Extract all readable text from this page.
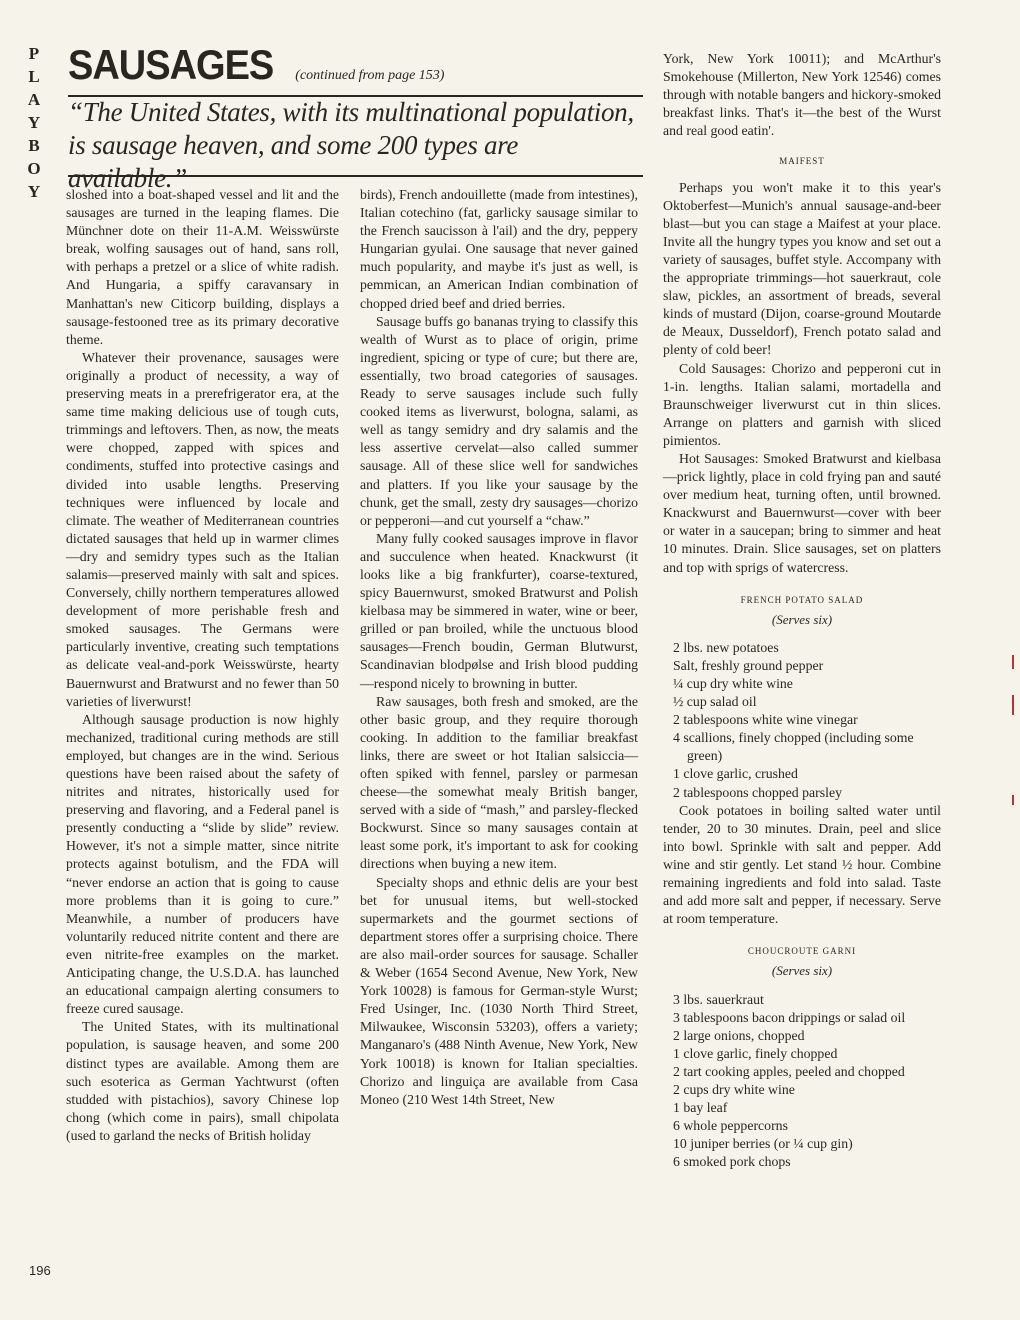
P
L
A
Y
B
O
Y
SAUSAGES (continued from page 153)
“The United States, with its multinational population, is sausage heaven, and some 200 types are available.”

sloshed into a boat-shaped vessel and lit and the sausages are turned in the leaping flames. Die Münchner dote on their 11-A.M. Weisswürste break, wolfing sausages out of hand, sans roll, with perhaps a pretzel or a slice of white radish. And Hungaria, a spiffy caravansary in Manhattan's new Citicorp building, displays a sausage-festooned tree as its primary decorative theme.

Whatever their provenance, sausages were originally a product of necessity, a way of preserving meats in a prerefrigerator era, at the same time making delicious use of tough cuts, trimmings and leftovers. Then, as now, the meats were chopped, zapped with spices and condiments, stuffed into protective casings and divided into usable lengths. Preserving techniques were influenced by locale and climate. The weather of Mediterranean countries dictated sausages that held up in warmer climes—dry and semidry types such as the Italian salamis—preserved mainly with salt and spices. Conversely, chilly northern temperatures allowed development of more perishable fresh and smoked sausages. The Germans were particularly inventive, creating such temptations as delicate veal-and-pork Weisswürste, hearty Bauernwurst and Bratwurst and no fewer than 50 varieties of liverwurst!

Although sausage production is now highly mechanized, traditional curing methods are still employed, but changes are in the wind. Serious questions have been raised about the safety of nitrites and nitrates, historically used for preserving and flavoring, and a Federal panel is presently conducting a “slide by slide” review. However, it's not a simple matter, since nitrite protects against botulism, and the FDA will “never endorse an action that is going to cause more problems than it is going to cure.” Meanwhile, a number of producers have voluntarily reduced nitrite content and there are even nitrite-free examples on the market. Anticipating change, the U.S.D.A. has launched an educational campaign alerting consumers to freeze cured sausage.

The United States, with its multinational population, is sausage heaven, and some 200 distinct types are available. Among them are such esoterica as German Yachtwurst (often studded with pistachios), savory Chinese lop chong (which come in pairs), small chipolata (used to garland the necks of British holiday

birds), French andouillette (made from intestines), Italian cotechino (fat, garlicky sausage similar to the French saucisson à l'ail) and the dry, peppery Hungarian gyulai. One sausage that never gained much popularity, and maybe it's just as well, is pemmican, an American Indian combination of chopped dried beef and dried berries.

Sausage buffs go bananas trying to classify this wealth of Wurst as to place of origin, prime ingredient, spicing or type of cure; but there are, essentially, two broad categories of sausages. Ready to serve sausages include such fully cooked items as liverwurst, bologna, salami, as well as tangy semidry and dry salamis and the less assertive cervelat—also called summer sausage. All of these slice well for sandwiches and platters. If you like your sausage by the chunk, get the small, zesty dry sausages—chorizo or pepperoni—and cut yourself a “chaw.”

Many fully cooked sausages improve in flavor and succulence when heated. Knackwurst (it looks like a big frankfurter), coarse-textured, spicy Bauernwurst, smoked Bratwurst and Polish kielbasa may be simmered in water, wine or beer, grilled or pan broiled, while the unctuous blood sausages—French boudin, German Blutwurst, Scandinavian blodpølse and Irish blood pudding—respond nicely to browning in butter.

Raw sausages, both fresh and smoked, are the other basic group, and they require thorough cooking. In addition to the familiar breakfast links, there are sweet or hot Italian salsiccia—often spiked with fennel, parsley or parmesan cheese—the somewhat mealy British banger, served with a side of “mash,” and parsley-flecked Bockwurst. Since so many sausages contain at least some pork, it's important to ask for cooking directions when buying a new item.

Specialty shops and ethnic delis are your best bet for unusual items, but well-stocked supermarkets and the gourmet sections of department stores offer a surprising choice. There are also mail-order sources for sausage. Schaller & Weber (1654 Second Avenue, New York, New York 10028) is famous for German-style Wurst; Fred Usinger, Inc. (1030 North Third Street, Milwaukee, Wisconsin 53203), offers a variety; Manganaro's (488 Ninth Avenue, New York, New York 10018) is known for Italian specialties. Chorizo and linguiça are available from Casa Moneo (210 West 14th Street, New

York, New York 10011); and McArthur's Smokehouse (Millerton, New York 12546) comes through with notable bangers and hickory-smoked breakfast links. That's it—the best of the Wurst and real good eatin'.

MAIFEST

Perhaps you won't make it to this year's Oktoberfest—Munich's annual sausage-and-beer blast—but you can stage a Maifest at your place. Invite all the hungry types you know and set out a variety of sausages, buffet style. Accompany with the appropriate trimmings—hot sauerkraut, cole slaw, pickles, an assortment of breads, several kinds of mustard (Dijon, coarse-ground Moutarde de Meaux, Dusseldorf), French potato salad and plenty of cold beer!

Cold Sausages: Chorizo and pepperoni cut in 1-in. lengths. Italian salami, mortadella and Braunschweiger liverwurst cut in thin slices. Arrange on platters and garnish with sliced pimientos.

Hot Sausages: Smoked Bratwurst and kielbasa—prick lightly, place in cold frying pan and sauté over medium heat, turning often, until browned. Knackwurst and Bauernwurst—cover with beer or water in a saucepan; bring to simmer and heat 10 minutes. Drain. Slice sausages, set on platters and top with sprigs of watercress.

FRENCH POTATO SALAD
(Serves six)

2 lbs. new potatoes

Salt, freshly ground pepper

¼ cup dry white wine

½ cup salad oil

2 tablespoons white wine vinegar

4 scallions, finely chopped (including some green)

1 clove garlic, crushed

2 tablespoons chopped parsley

Cook potatoes in boiling salted water until tender, 20 to 30 minutes. Drain, peel and slice into bowl. Sprinkle with salt and pepper. Add wine and stir gently. Let stand ½ hour. Combine remaining ingredients and fold into salad. Taste and add more salt and pepper, if necessary. Serve at room temperature.

CHOUCROUTE GARNI
(Serves six)

3 lbs. sauerkraut

3 tablespoons bacon drippings or salad oil

2 large onions, chopped

1 clove garlic, finely chopped

2 tart cooking apples, peeled and chopped

2 cups dry white wine

1 bay leaf

6 whole peppercorns

10 juniper berries (or ¼ cup gin)

6 smoked pork chops

196
